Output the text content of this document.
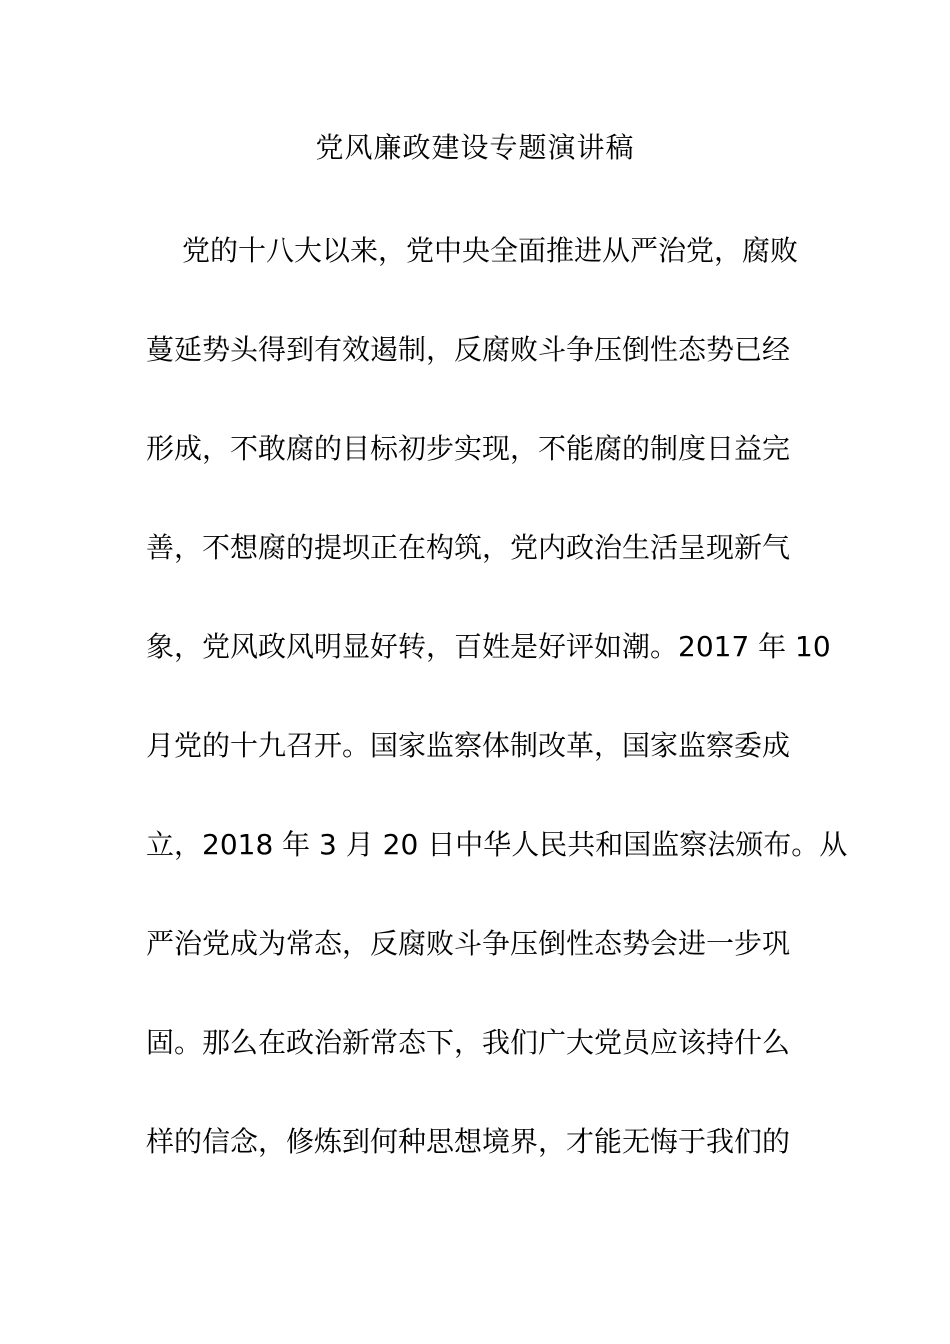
党风廉政建设专题演讲稿
党的十八大以来，党中央全面推进从严治党，腐败
蔓延势头得到有效遏制，反腐败斗争压倒性态势已经
形成，不敢腐的目标初步实现，不能腐的制度日益完
善，不想腐的提坝正在构筑，党内政治生活呈现新气
象，党风政风明显好转，百姓是好评如潮。2017 年 10
月党的十九召开。国家监察体制改革，国家监察委成
立，2018 年 3 月 20 日中华人民共和国监察法颁布。从
严治党成为常态，反腐败斗争压倒性态势会进一步巩
固。那么在政治新常态下，我们广大党员应该持什么
样的信念，修炼到何种思想境界，才能无悔于我们的
